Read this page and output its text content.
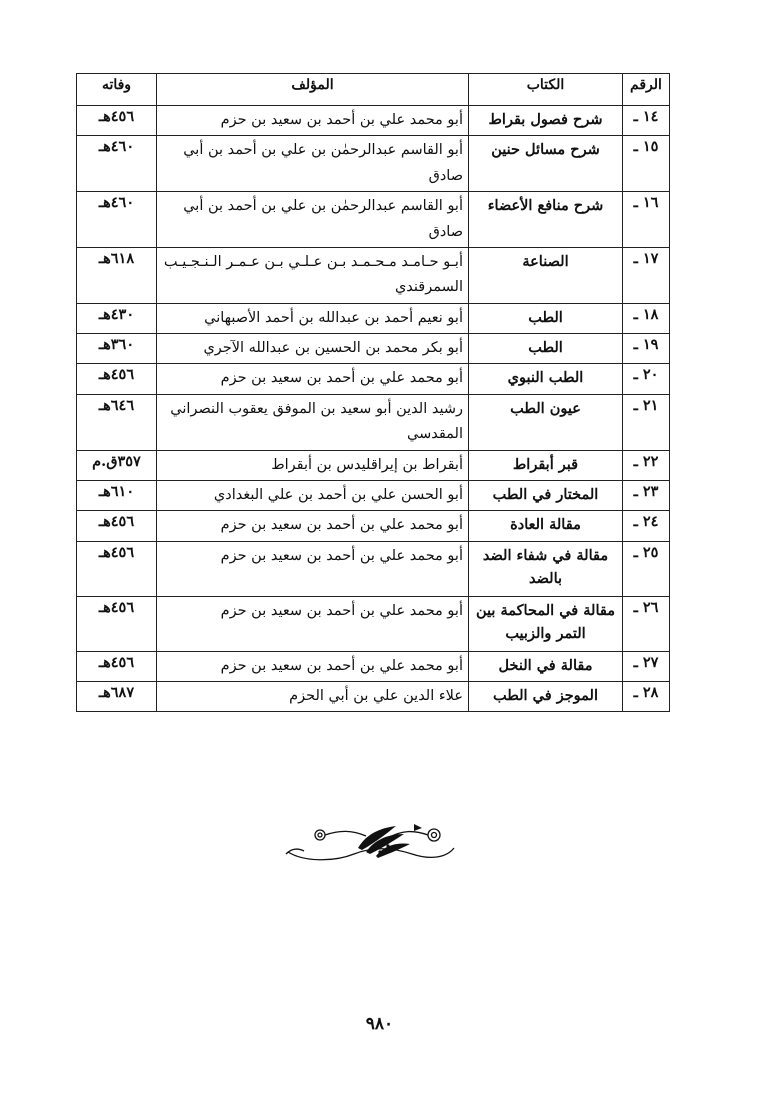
الرقم	الكتاب	المؤلف	وفاته
١٤ ـ	شرح فصول بقراط	أبو محمد علي بن أحمد بن سعيد بن حزم	٤٥٦هـ
١٥ ـ	شرح مسائل حنين	أبو القاسم عبدالرحمٰن بن علي بن أحمد بن أبي صادق	٤٦٠هـ
١٦ ـ	شرح منافع الأعضاء	أبو القاسم عبدالرحمٰن بن علي بن أحمد بن أبي صادق	٤٦٠هـ
١٧ ـ	الصناعة	أبـو حـامـد مـحـمـد بـن عـلـي بـن عـمـر الـنـجـيـب السمرقندي	٦١٨هـ
١٨ ـ	الطب	أبو نعيم أحمد بن عبدالله بن أحمد الأصبهاني	٤٣٠هـ
١٩ ـ	الطب	أبو بكر محمد بن الحسين بن عبدالله الآجري	٣٦٠هـ
٢٠ ـ	الطب النبوي	أبو محمد علي بن أحمد بن سعيد بن حزم	٤٥٦هـ
٢١ ـ	عيون الطب	رشيد الدين أبو سعيد بن الموفق يعقوب النصراني المقدسي	٦٤٦هـ
٢٢ ـ	قبر أبقراط	أبقراط بن إيراقليدس بن أبقراط	٣٥٧ق.م
٢٣ ـ	المختار في الطب	أبو الحسن علي بن أحمد بن علي البغدادي	٦١٠هـ
٢٤ ـ	مقالة العادة	أبو محمد علي بن أحمد بن سعيد بن حزم	٤٥٦هـ
٢٥ ـ	مقالة في شفاء الضد بالضد	أبو محمد علي بن أحمد بن سعيد بن حزم	٤٥٦هـ
٢٦ ـ	مقالة في المحاكمة بين التمر والزبيب	أبو محمد علي بن أحمد بن سعيد بن حزم	٤٥٦هـ
٢٧ ـ	مقالة في النخل	أبو محمد علي بن أحمد بن سعيد بن حزم	٤٥٦هـ
٢٨ ـ	الموجز في الطب	علاء الدين علي بن أبي الحزم	٦٨٧هـ
٩٨٠
